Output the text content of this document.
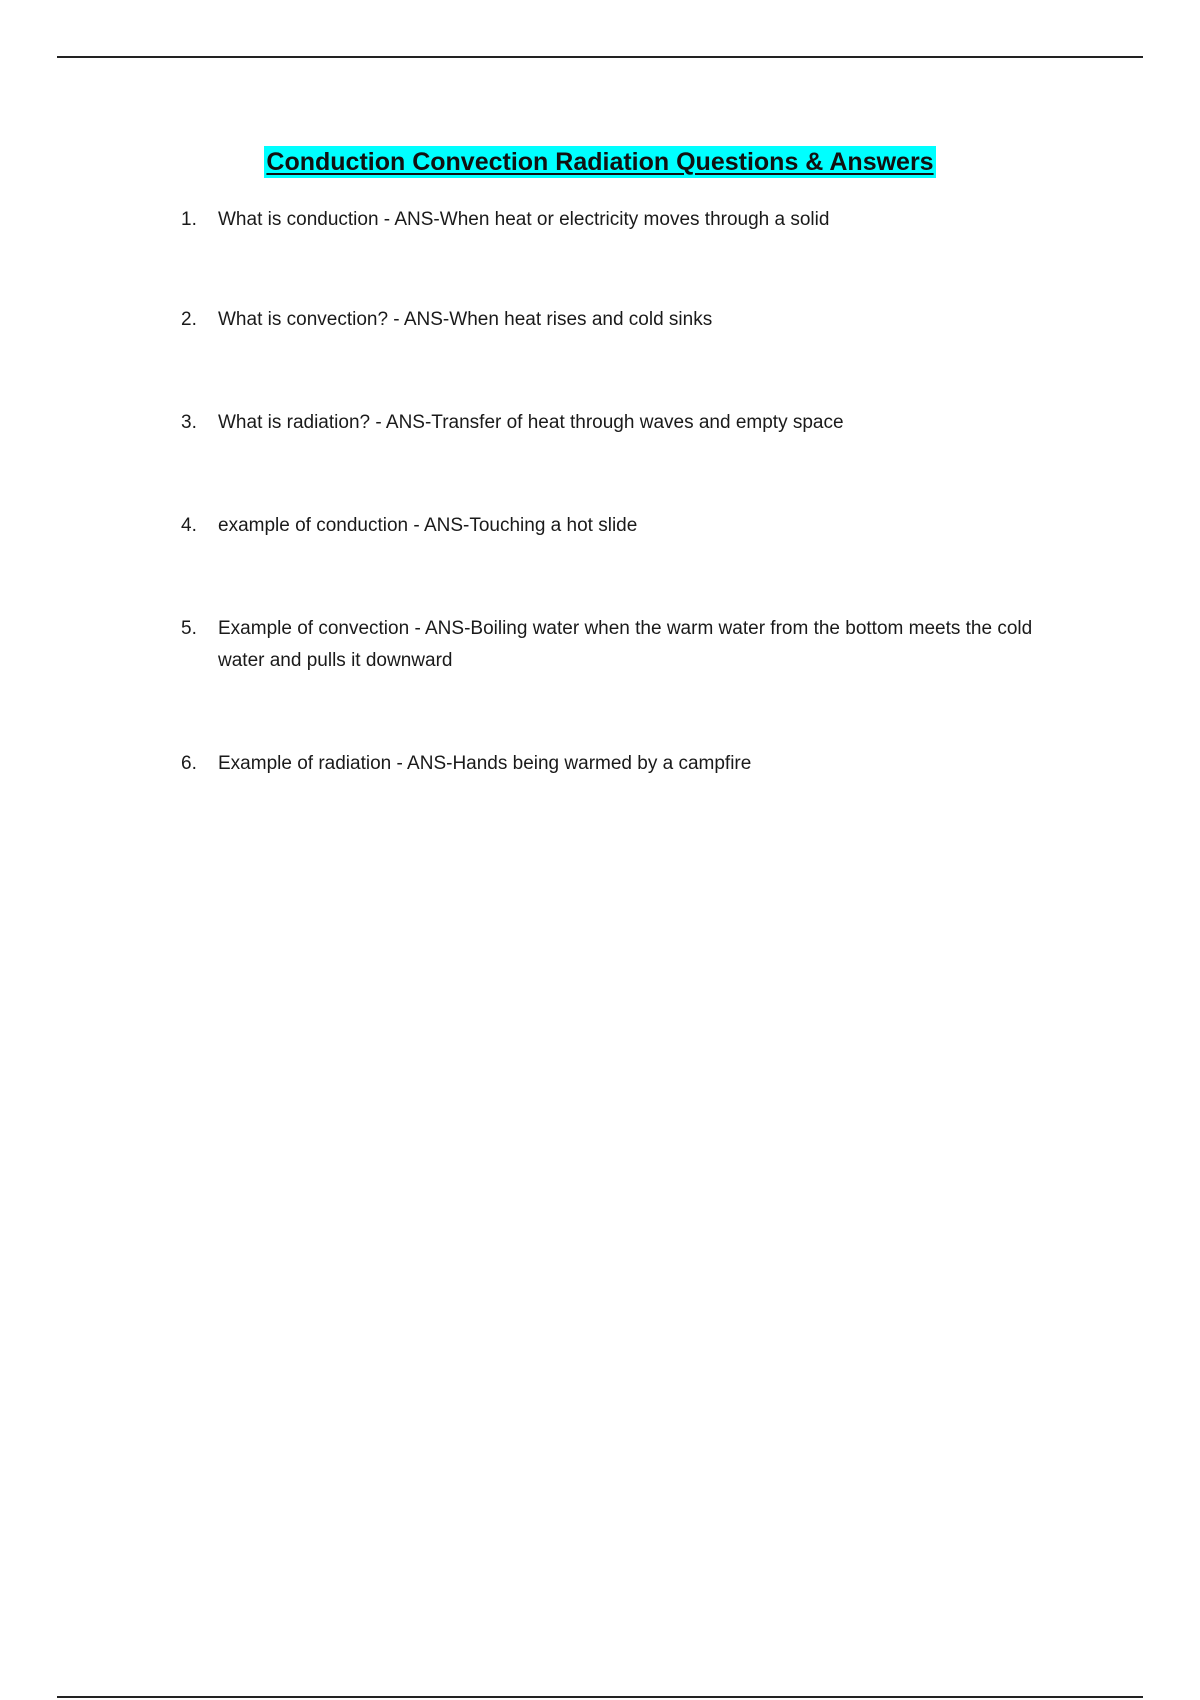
Conduction Convection Radiation Questions & Answers
1.	What is conduction - ANS-When heat or electricity moves through a solid
2.	What is convection? - ANS-When heat rises and cold sinks
3.	What is radiation? - ANS-Transfer of heat through waves and empty space
4.	example of conduction - ANS-Touching a hot slide
5.	Example of convection - ANS-Boiling water when the warm water from the bottom meets the cold water and pulls it downward
6.	Example of radiation - ANS-Hands being warmed by a campfire
